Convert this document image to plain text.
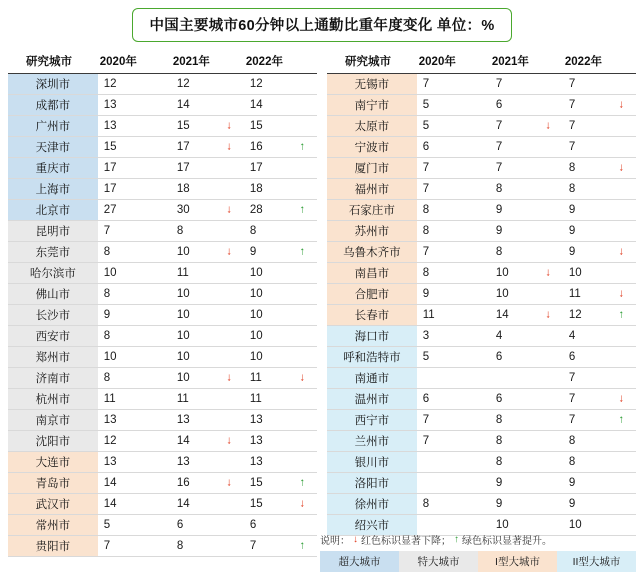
中国主要城市60分钟以上通勤比重年度变化 单位：%
研究城市	2020年	2021年	2022年
深圳市	12	12	12
成都市	13	14	14
广州市	13	15 ↓	15
天津市	15	17 ↓	16 ↑

重庆市	17	17	17
上海市	17	18	18
北京市	27	30 ↓	28 ↑

昆明市	7	8	8
东莞市	8	10 ↓	9 ↑

哈尔滨市	10	11	10
佛山市	8	10	10
长沙市	9	10	10
西安市	8	10	10
郑州市	10	10	10
济南市	8	10 ↓	11 ↓

杭州市	11	11	11
南京市	13	13	13
沈阳市	12	14 ↓	13
大连市	13	13	13
青岛市	14	16 ↓	15 ↑

武汉市	14	14	15 ↓

常州市	5	6	6
贵阳市	7	8	7 ↑
研究城市	2020年	2021年	2022年
无锡市	7	7	7
南宁市	5	6	7 ↓

太原市	5	7 ↓	7
宁波市	6	7	7
厦门市	7	7	8 ↓

福州市	7	8	8
石家庄市	8	9	9
苏州市	8	9	9
乌鲁木齐市	7	8	9 ↓

南昌市	8	10 ↓	10
合肥市	9	10	11 ↓

长春市	11	14 ↓	12 ↑

海口市	3	4	4
呼和浩特市	5	6	6
南通市			7
温州市	6	6	7 ↓

西宁市	7	8	7 ↑

兰州市	7	8	8
银川市		8	8
洛阳市		9	9
徐州市	8	9	9
绍兴市		10	10
说明： ↓ 红色标识显著下降； ↑ 绿色标识显著提升。
超大城市	特大城市	I型大城市	II型大城市
